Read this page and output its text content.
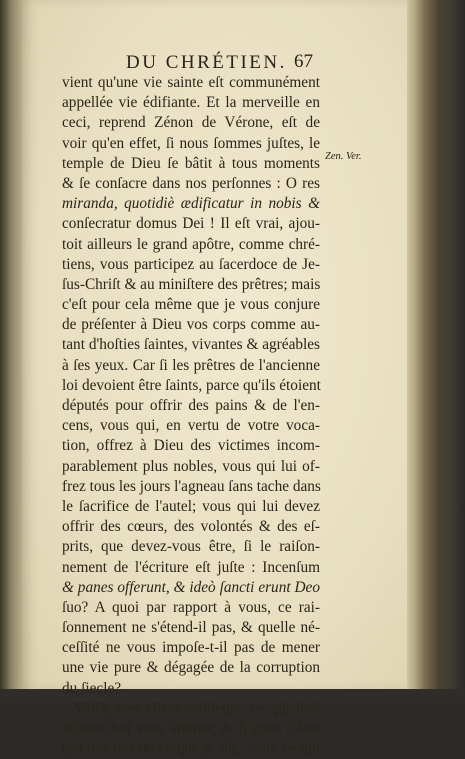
DU CHRÉTIEN. 67
Zen. Ver.
vient qu'une vie sainte eſt communément
appellée vie édifiante. Et la merveille en
ceci, reprend Zénon de Vérone, eſt de
voir qu'en effet, ſi nous ſommes juſtes, le
temple de Dieu ſe bâtit à tous moments
& ſe conſacre dans nos perſonnes : O res
miranda, quotidiè ædificatur in nobis &
conſecratur domus Dei ! Il eſt vrai, ajou-
toit ailleurs le grand apôtre, comme chré-
tiens, vous participez au ſacerdoce de Je-
ſus-Chriſt & au miniſtere des prêtres; mais
c'eſt pour cela même que je vous conjure
de préſenter à Dieu vos corps comme au-
tant d'hoſties ſaintes, vivantes & agréables
à ſes yeux. Car ſi les prêtres de l'ancienne
loi devoient être ſaints, parce qu'ils étoient
députés pour offrir des pains & de l'en-
cens, vous qui, en vertu de votre voca-
tion, offrez à Dieu des victimes incom-
parablement plus nobles, vous qui lui of-
frez tous les jours l'agneau ſans tache dans
le ſacrifice de l'autel; vous qui lui devez
offrir des cœurs, des volontés & des eſ-
prits, que devez-vous être, ſi le raiſon-
nement de l'écriture eſt juſte : Incenſum
& panes offerunt, & ideò ſancti erunt Deo
ſuo? A quoi par rapport à vous, ce rai-
ſonnement ne s'étend-il pas, & quelle né-
ceſſité ne vous impoſe-t-il pas de mener
une vie pure & dégagée de la corruption
du ſiecle?
Voilà, mes chers auditeurs, ce qui doit
aujourd'hui vous animer, & ſi vous n'êtes
pas touchés de ce que je dis, voilà ce qui
